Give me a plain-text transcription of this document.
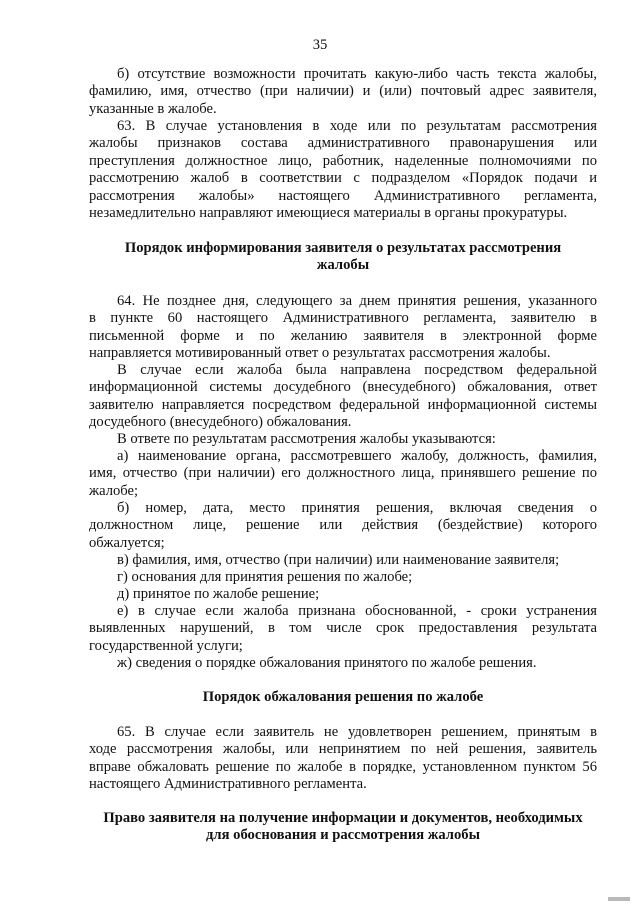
35

б) отсутствие возможности прочитать какую-либо часть текста жалобы,

фамилию, имя, отчество (при наличии) и (или) почтовый адрес заявителя,

указанные в жалобе.

63. В случае установления в ходе или по результатам рассмотрения

жалобы признаков состава административного правонарушения или

преступления должностное лицо, работник, наделенные полномочиями по

рассмотрению жалоб в соответствии с подразделом «Порядок подачи и

рассмотрения жалобы» настоящего Административного регламента,

незамедлительно направляют имеющиеся материалы в органы прокуратуры.

Порядок информирования заявителя о результатах рассмотрения

жалобы

64. Не позднее дня, следующего за днем принятия решения, указанного

в пункте 60 настоящего Административного регламента, заявителю в

письменной форме и по желанию заявителя в электронной форме

направляется мотивированный ответ о результатах рассмотрения жалобы.

В случае если жалоба была направлена посредством федеральной

информационной системы досудебного (внесудебного) обжалования, ответ

заявителю направляется посредством федеральной информационной системы

досудебного (внесудебного) обжалования.

В ответе по результатам рассмотрения жалобы указываются:

а) наименование органа, рассмотревшего жалобу, должность, фамилия,

имя, отчество (при наличии) его должностного лица, принявшего решение по

жалобе;

б) номер, дата, место принятия решения, включая сведения о

должностном лице, решение или действия (бездействие) которого

обжалуется;

в) фамилия, имя, отчество (при наличии) или наименование заявителя;

г) основания для принятия решения по жалобе;

д) принятое по жалобе решение;

е) в случае если жалоба признана обоснованной, - сроки устранения

выявленных нарушений, в том числе срок предоставления результата

государственной услуги;

ж) сведения о порядке обжалования принятого по жалобе решения.

Порядок обжалования решения по жалобе

65. В случае если заявитель не удовлетворен решением, принятым в

ходе рассмотрения жалобы, или непринятием по ней решения, заявитель

вправе обжаловать решение по жалобе в порядке, установленном пунктом 56

настоящего Административного регламента.

Право заявителя на получение информации и документов, необходимых

для обоснования и рассмотрения жалобы
